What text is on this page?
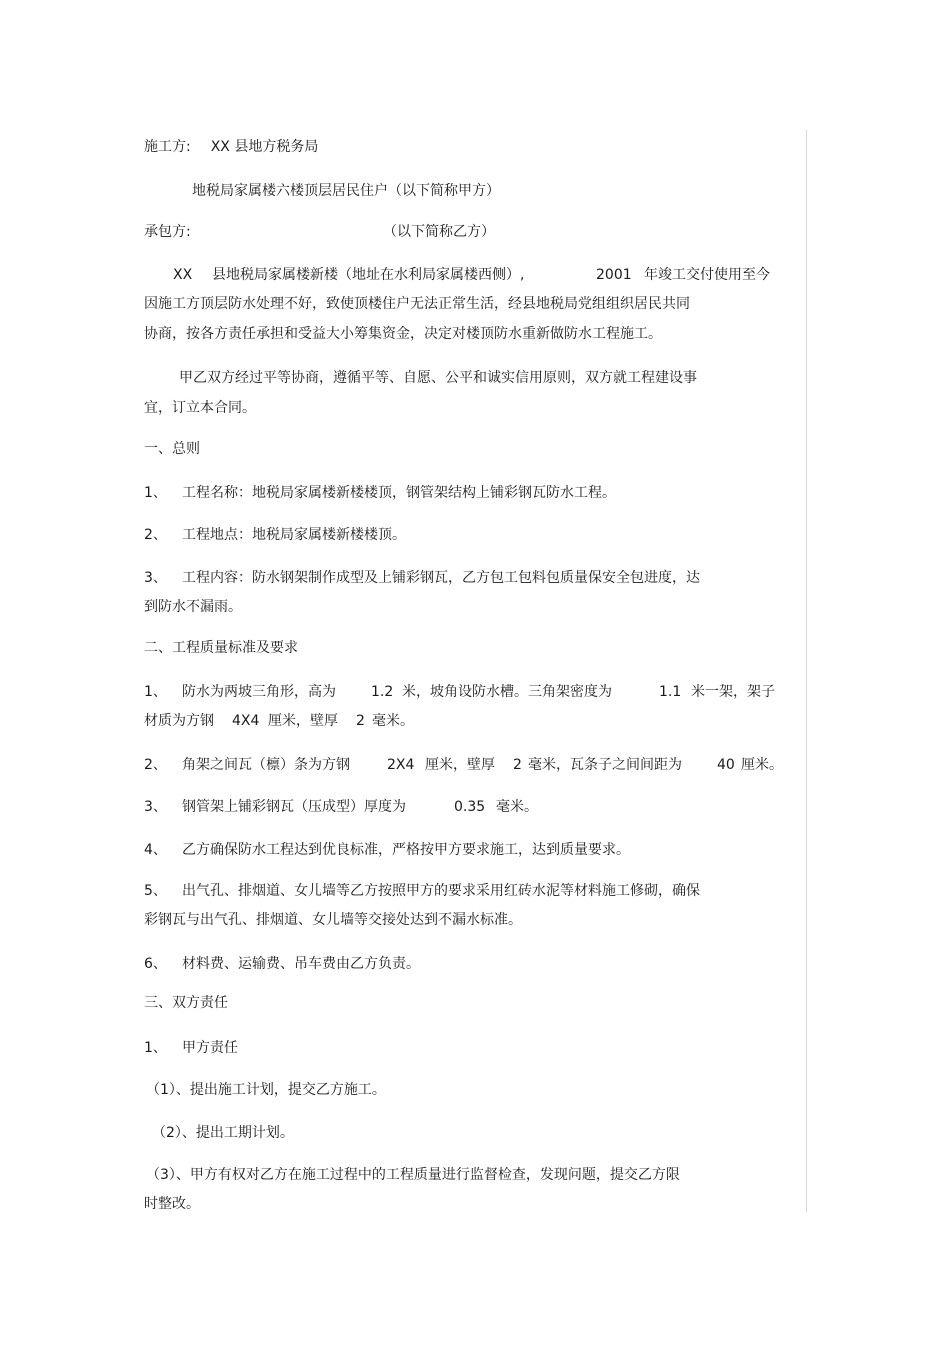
施工方: XX 县地方税务局
地税局家属楼六楼顶层居民住户（以下简称甲方）
承包方:	（以下简称乙方）
XX 县地税局家属楼新楼（地址在水利局家属楼西侧）,	2001 年竣工交付使用至今
因施工方顶层防水处理不好，致使顶楼住户无法正常生活，经县地税局党组组织居民共同
协商，按各方责任承担和受益大小筹集资金，决定对楼顶防水重新做防水工程施工。
甲乙双方经过平等协商，遵循平等、自愿、公平和诚实信用原则，双方就工程建设事
宜，订立本合同。
一、总则
1、 工程名称：地税局家属楼新楼楼顶，钢管架结构上铺彩钢瓦防水工程。
2、 工程地点：地税局家属楼新楼楼顶。
3、 工程内容：防水钢架制作成型及上铺彩钢瓦，乙方包工包料包质量保安全包进度，达
到防水不漏雨。
二、工程质量标准及要求
1、 防水为两坡三角形，高为	1.2 米，坡角设防水槽。三角架密度为	1.1 米一架，架子
材质为方钢 4X4 厘米，壁厚 2 毫米。
2、 角架之间瓦（檩）条为方钢	2X4 厘米，壁厚 2 毫米，瓦条子之间间距为	40 厘米。
3、 钢管架上铺彩钢瓦（压成型）厚度为	0.35 毫米。
4、 乙方确保防水工程达到优良标准，严格按甲方要求施工，达到质量要求。
5、 出气孔、排烟道、女儿墙等乙方按照甲方的要求采用红砖水泥等材料施工修砌，确保
彩钢瓦与出气孔、排烟道、女儿墙等交接处达到不漏水标准。
6、 材料费、运输费、吊车费由乙方负责。
三、双方责任
1、 甲方责任
（1）、提出施工计划，提交乙方施工。
（2）、提出工期计划。
（3）、甲方有权对乙方在施工过程中的工程质量进行监督检查，发现问题，提交乙方限
时整改。
